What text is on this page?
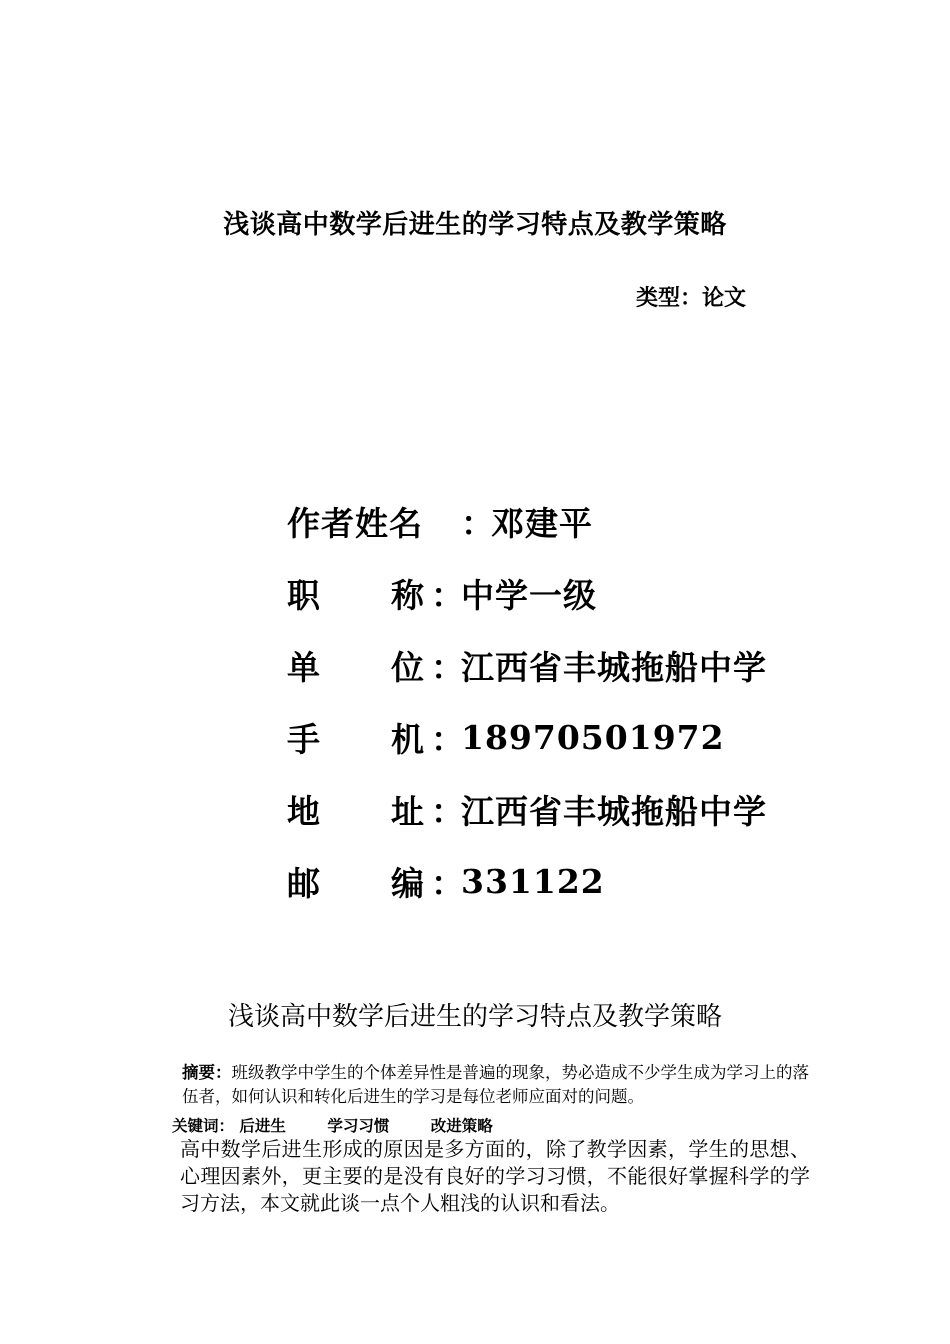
浅谈高中数学后进生的学习特点及教学策略
类型：论文
作者姓名	：
邓建平
职	称 ：
中学一级
单	位 ：
江西省丰城拖船中学
手	机 ：
18970501972
地	址 ：
江西省丰城拖船中学
邮	编 ：
331122
浅谈高中数学后进生的学习特点及教学策略
摘要：班级教学中学生的个体差异性是普遍的现象，势必造成不少学生成为学习上的落伍者，如何认识和转化后进生的学习是每位老师应面对的问题。
关键词： 后进生	学习习惯	改进策略
高中数学后进生形成的原因是多方面的，除了教学因素，学生的思想、心理因素外，更主要的是没有良好的学习习惯，不能很好掌握科学的学习方法，本文就此谈一点个人粗浅的认识和看法。
